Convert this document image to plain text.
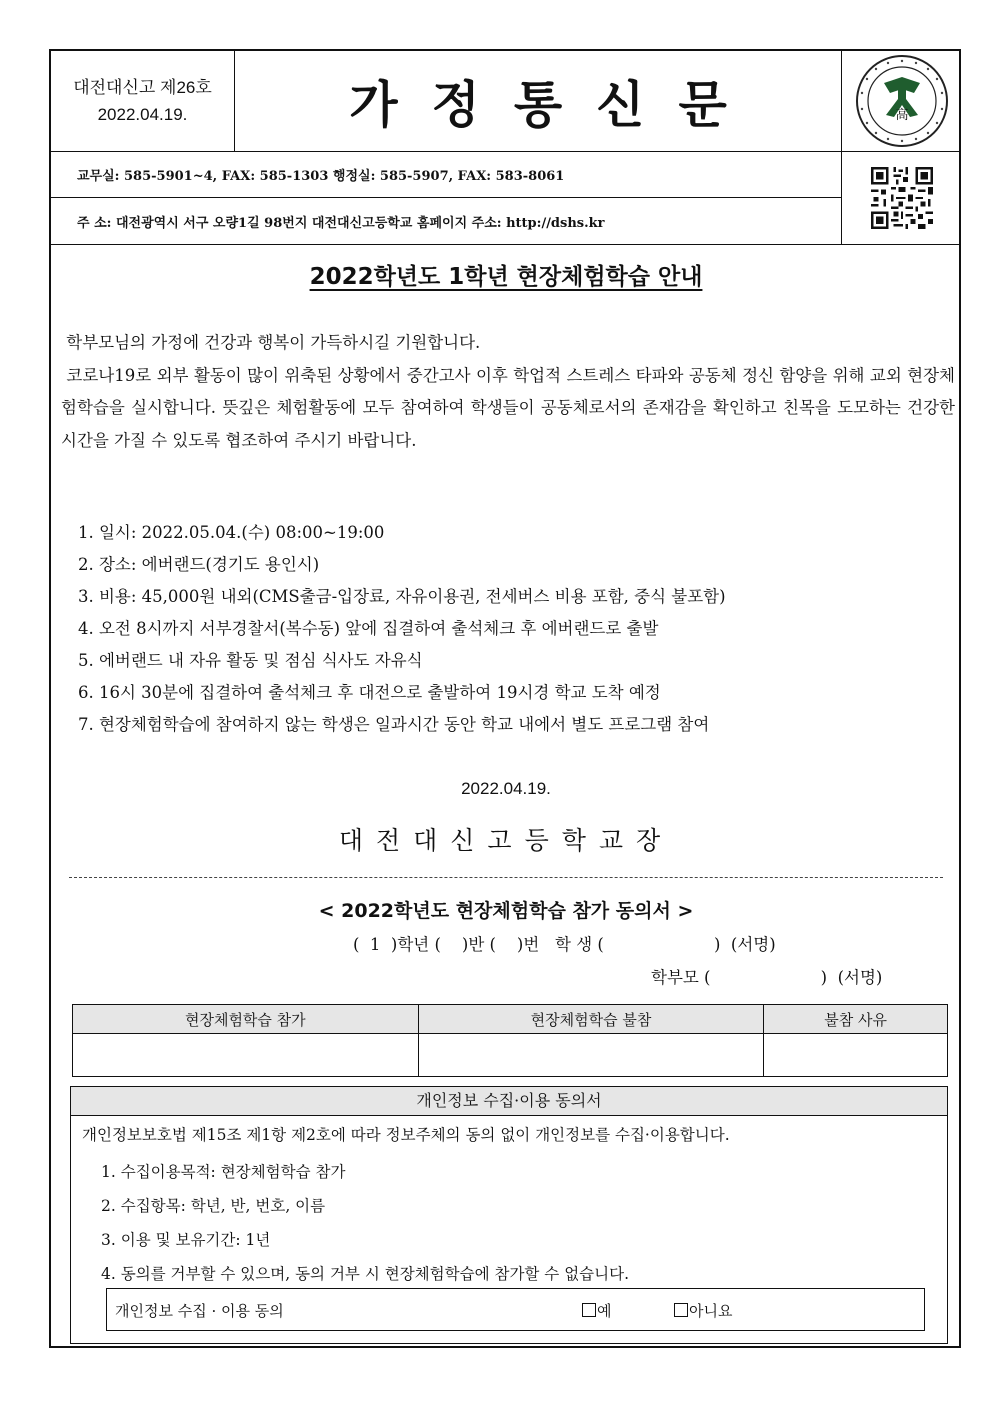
대전대신고 제26호
2022.04.19.	가정통신문	高
교무실: 585-5901~4, FAX: 585-1303 행정실: 585-5907, FAX: 583-8061
주 소: 대전광역시 서구 오량1길 98번지 대전대신고등학교 홈페이지 주소: http://dshs.kr
2022학년도 1학년 현장체험학습 안내

학부모님의 가정에 건강과 행복이 가득하시길 기원합니다.

코로나19로 외부 활동이 많이 위축된 상황에서 중간고사 이후 학업적 스트레스 타파와 공동체 정신 함양을 위해 교외 현장체험학습을 실시합니다. 뜻깊은 체험활동에 모두 참여하여 학생들이 공동체로서의 존재감을 확인하고 친목을 도모하는 건강한 시간을 가질 수 있도록 협조하여 주시기 바랍니다.

1. 일시: 2022.05.04.(수) 08:00~19:00
2. 장소: 에버랜드(경기도 용인시)
3. 비용: 45,000원 내외(CMS출금-입장료, 자유이용권, 전세버스 비용 포함, 중식 불포함)
4. 오전 8시까지 서부경찰서(복수동) 앞에 집결하여 출석체크 후 에버랜드로 출발
5. 에버랜드 내 자유 활동 및 점심 식사도 자유식
6. 16시 30분에 집결하여 출석체크 후 대전으로 출발하여 19시경 학교 도착 예정
7. 현장체험학습에 참여하지 않는 학생은 일과시간 동안 학교 내에서 별도 프로그램 참여
2022.04.19.
대전대신고등학교장
< 2022학년도 현장체험학습 참가 동의서 >
(  1  )학년 (    )반 (    )번   학 생 (                     )  (서명)
학부모 (                     )  (서명)
현장체험학습 참가	현장체험학습 불참	불참 사유

개인정보 수집·이용 동의서
개인정보보호법 제15조 제1항 제2호에 따라 정보주체의 동의 없이 개인정보를 수집·이용합니다.
1. 수집이용목적: 현장체험학습 참가
2. 수집항목: 학년, 반, 번호, 이름
3. 이용 및 보유기간: 1년
4. 동의를 거부할 수 있으며, 동의 거부 시 현장체험학습에 참가할 수 없습니다.
개인정보 수집 · 이용 동의	예	아니요
